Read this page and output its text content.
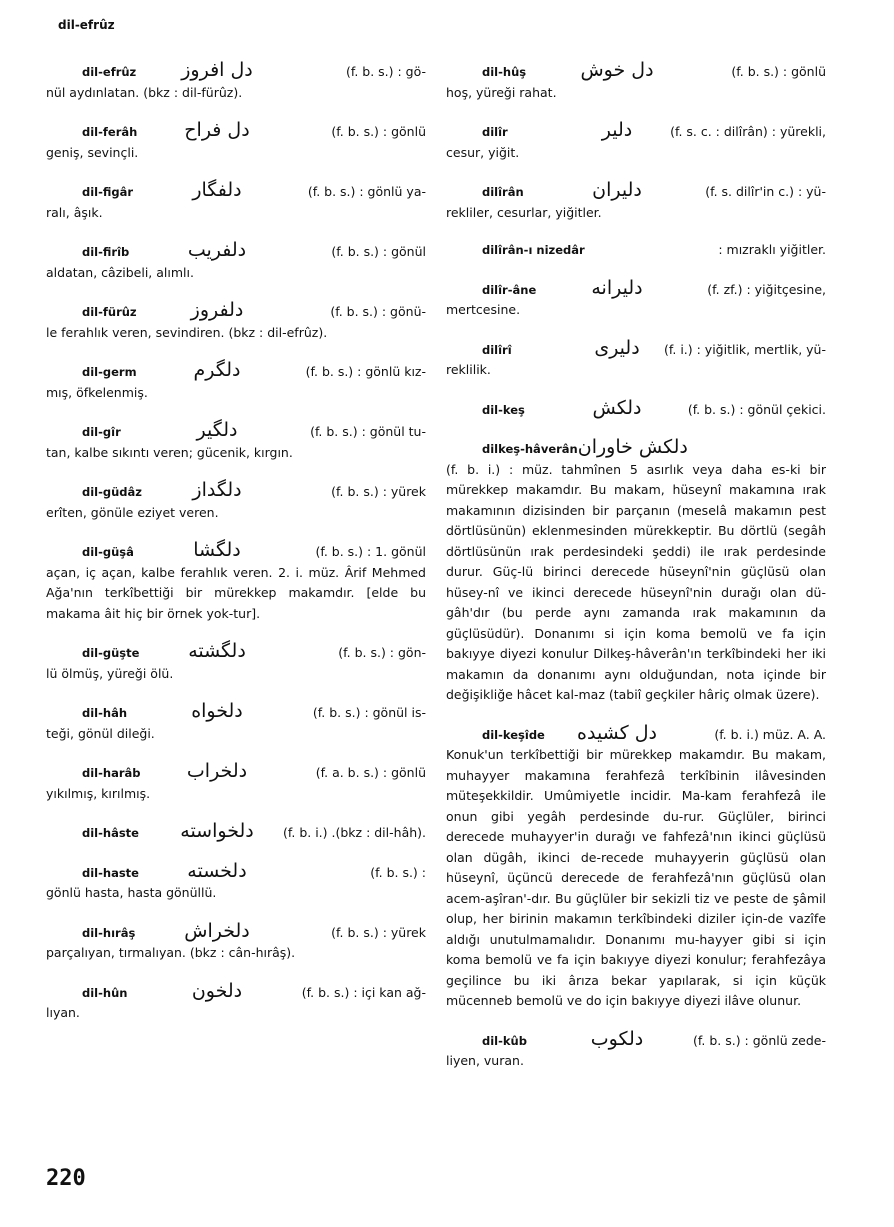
dil-efrûz
dil-efrûz	دل افروز	(f. b. s.) : gö-
nül aydınlatan. (bkz : dil-fürûz).
dil-ferâh	دل فراح	(f. b. s.) : gönlü
geniş, sevinçli.
dil-figâr	دلفگار	(f. b. s.) : gönlü ya-
ralı, âşık.
dil-firîb	دلفريب	(f. b. s.) : gönül
aldatan, câzibeli, alımlı.
dil-fürûz	دلفروز	(f. b. s.) : gönü-
le ferahlık veren, sevindiren. (bkz : dil-efrûz).
dil-germ	دلگرم	(f. b. s.) : gönlü kız-
mış, öfkelenmiş.
dil-gîr	دلگير	(f. b. s.) : gönül tu-
tan, kalbe sıkıntı veren; gücenik, kırgın.
dil-güdâz	دلگداز	(f. b. s.) : yürek
erîten, gönüle eziyet veren.
dil-güşâ	دلگشا	(f. b. s.) : 1. gönül
açan, iç açan, kalbe ferahlık veren. 2. i. müz. Ârif Mehmed Ağa'nın terkîbettiği bir mürekkep makamdır. [elde bu makama âit hiç bir örnek yok-tur].
dil-güşte	دلگشته	(f. b. s.) : gön-
lü ölmüş, yüreği ölü.
dil-hâh	دلخواه	(f. b. s.) : gönül is-
teği, gönül dileği.
dil-harâb	دلخراب	(f. a. b. s.) : gönlü
yıkılmış, kırılmış.
dil-hâste	دلخواسته	(f. b. i.) .(bkz : dil-hâh).
dil-haste	دلخسته	(f. b. s.) :
gönlü hasta, hasta gönüllü.
dil-hırâş	دلخراش	(f. b. s.) : yürek
parçalıyan, tırmalıyan. (bkz : cân-hırâş).
dil-hûn	دلخون	(f. b. s.) : içi kan ağ-
lıyan.
dil-hûş	دل خوش	(f. b. s.) : gönlü
hoş, yüreği rahat.
dilîr	دلير	(f. s. c. : dilîrân) : yürekli,
cesur, yiğit.
dilîrân	دليران	(f. s. dilîr'in c.) : yü-
rekliler, cesurlar, yiğitler.
dilîrân-ı nizedâr	: mızraklı yiğitler.
dilîr-âne	دليرانه	(f. zf.) : yiğitçesine,
mertcesine.
dilîrî	دليرى	(f. i.) : yiğitlik, mertlik, yü-
reklilik.
dil-keş	دلكش	(f. b. s.) : gönül çekici.
dilkeş-hâverân دلكش خاوران
(f. b. i.) : müz. tahmînen 5 asırlık veya daha es-ki bir mürekkep makamdır. Bu makam, hüseynî makamına ırak makamının dizisinden bir parçanın (meselâ makamın pest dörtlüsünün) eklenmesinden mürekkeptir. Bu dörtlü (segâh dörtlüsünün ırak perdesindeki şeddi) ile ırak perdesinde durur. Güç-lü birinci derecede hüseynî'nin güçlüsü olan hüsey-nî ve ikinci derecede hüseynî'nin durağı olan dü-gâh'dır (bu perde aynı zamanda ırak makamının da güçlüsüdür). Donanımı si için koma bemolü ve fa için bakıyye diyezi konulur Dilkeş-hâverân'ın terkîbindeki her iki makamın da donanımı aynı olduğundan, nota içinde bir değişikliğe hâcet kal-maz (tabiî geçkiler hâriç olmak üzere).
dil-keşîde	دل كشيده	(f. b. i.) müz. A. A.
Konuk'un terkîbettiği bir mürekkep makamdır. Bu makam, muhayyer makamına ferahfezâ terkîbinin ilâvesinden müteşekkildir. Umûmiyetle incidir. Ma-kam ferahfezâ ile onun gibi yegâh perdesinde du-rur. Güçlüler, birinci derecede muhayyer'in durağı ve fahfezâ'nın ikinci güçlüsü olan dügâh, ikinci de-recede muhayyerin güçlüsü olan hüseynî, üçüncü derecede de ferahfezâ'nın güçlüsü olan acem-aşîran'-dır. Bu güçlüler bir sekizli tiz ve peste de şâmil olup, her birinin makamın terkîbindeki diziler için-de vazîfe aldığı unutulmamalıdır. Donanımı mu-hayyer gibi si için koma bemolü ve fa için bakıyye diyezi konulur; ferahfezâya geçilince bu iki ârıza bekar yapılarak, si için küçük mücenneb bemolü ve do için bakıyye diyezi ilâve olunur.
dil-kûb	دلكوب	(f. b. s.) : gönlü zede-
liyen, vuran.
220
